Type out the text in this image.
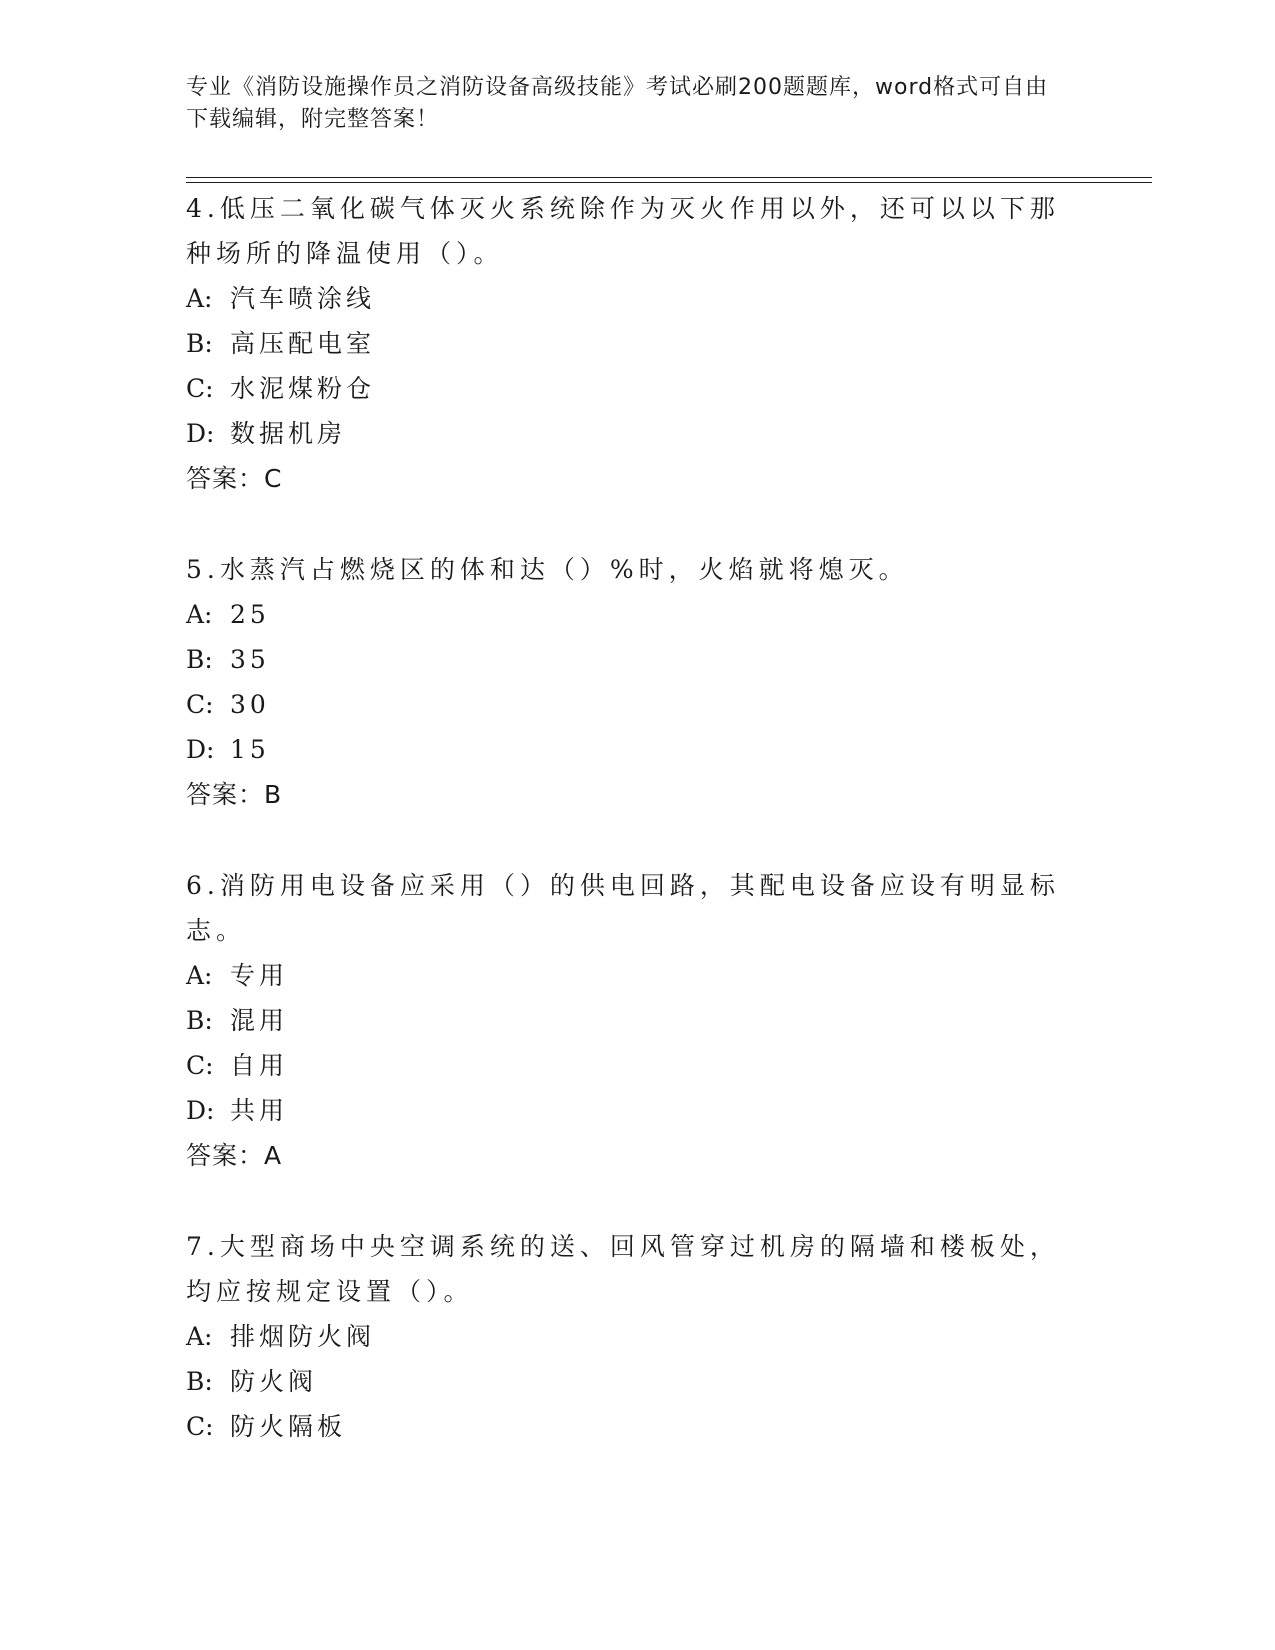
专业《消防设施操作员之消防设备高级技能》考试必刷200题题库，word格式可自由下载编辑，附完整答案！

4.低压二氧化碳气体灭火系统除作为灭火作用以外，还可以以下那种场所的降温使用（）。

A: 汽车喷涂线

B: 高压配电室

C: 水泥煤粉仓

D: 数据机房

答案：C

5.水蒸汽占燃烧区的体和达（）%时，火焰就将熄灭。

A: 25

B: 35

C: 30

D: 15

答案：B

6.消防用电设备应采用（）的供电回路，其配电设备应设有明显标志。

A: 专用

B: 混用

C: 自用

D: 共用

答案：A

7.大型商场中央空调系统的送、回风管穿过机房的隔墙和楼板处，均应按规定设置（）。

A: 排烟防火阀

B: 防火阀

C: 防火隔板
